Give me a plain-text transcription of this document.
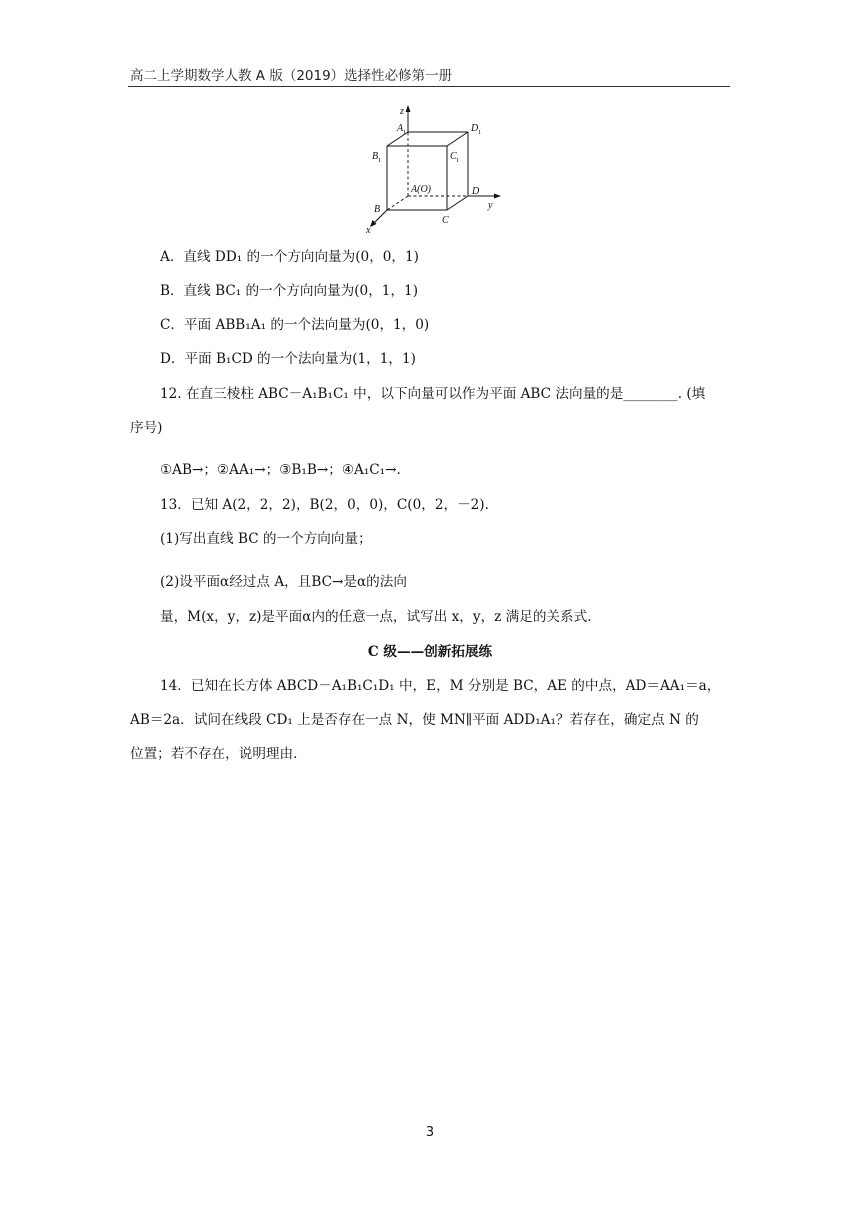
高二上学期数学人教 A 版（2019）选择性必修第一册
z
y
x
A 1	D 1
B 1	C 1
A(O)	D
B
C
A．直线 DD₁ 的一个方向向量为(0，0，1)
B．直线 BC₁ 的一个方向向量为(0，1，1)
C．平面 ABB₁A₁ 的一个法向量为(0，1，0)
D．平面 B₁CD 的一个法向量为(1，1，1)
12. 在直三棱柱 ABC－A₁B₁C₁ 中，以下向量可以作为平面 ABC 法向量的是________. (填
序号)
①AB→；②AA₁→；③B₁B→；④A₁C₁→.
13．已知 A(2，2，2)，B(2，0，0)，C(0，2，－2).
(1)写出直线 BC 的一个方向向量；
(2)设平面α经过点 A，且BC→是α的法向
量，M(x，y，z)是平面α内的任意一点，试写出 x，y，z 满足的关系式.
C 级——创新拓展练
14．已知在长方体 ABCD－A₁B₁C₁D₁ 中，E，M 分别是 BC，AE 的中点，AD＝AA₁＝a，
AB＝2a．试问在线段 CD₁ 上是否存在一点 N，使 MN∥平面 ADD₁A₁？若存在，确定点 N 的
位置；若不存在，说明理由.
3
